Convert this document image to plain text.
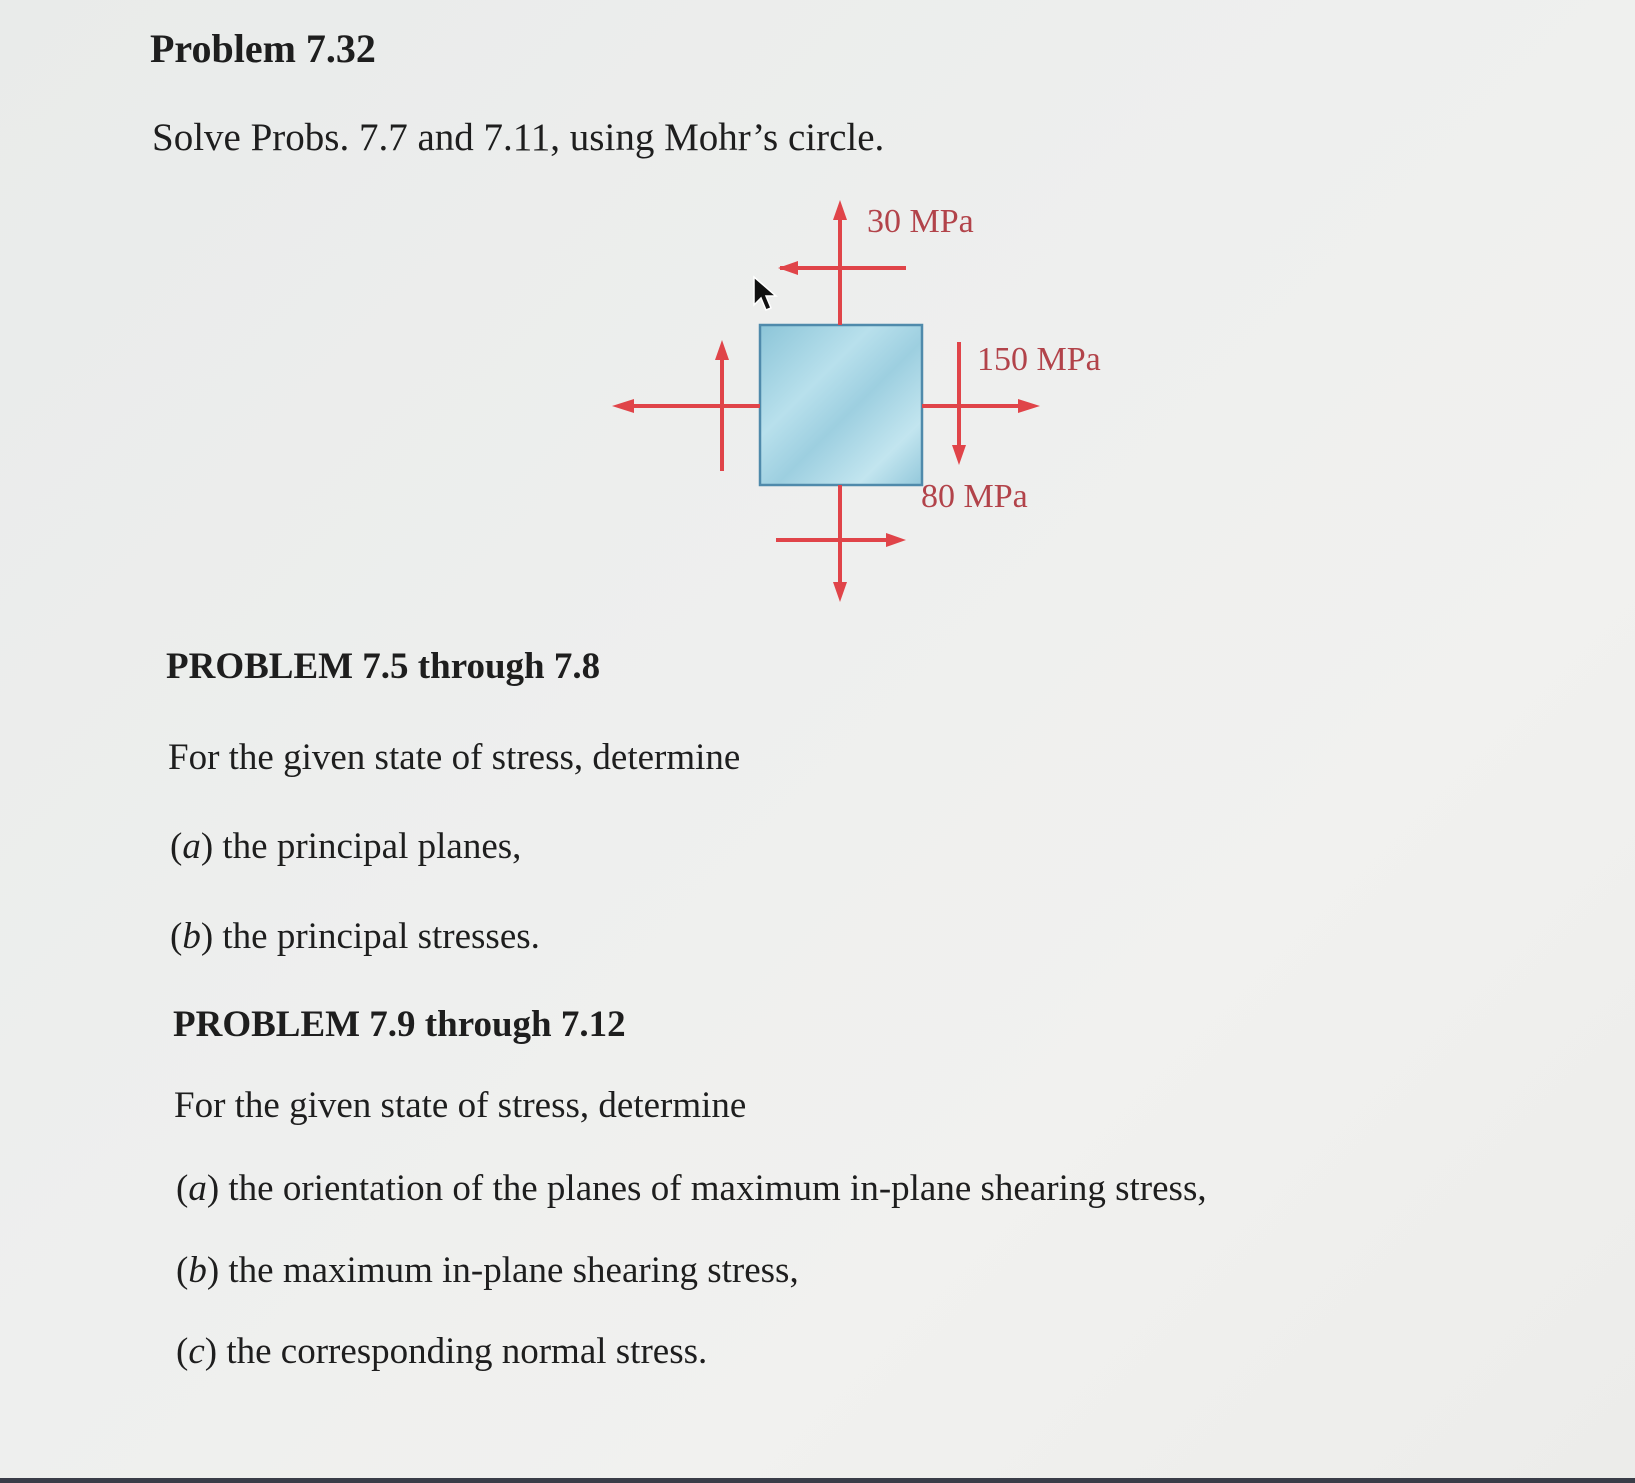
Problem 7.32
Solve Probs. 7.7 and 7.11, using Mohr’s circle.
30 MPa
150 MPa
80 MPa
PROBLEM 7.5 through 7.8
For the given state of stress, determine
(a) the principal planes,
(b) the principal stresses.
PROBLEM 7.9 through 7.12
For the given state of stress, determine
(a) the orientation of the planes of maximum in-plane shearing stress,
(b) the maximum in-plane shearing stress,
(c) the corresponding normal stress.
